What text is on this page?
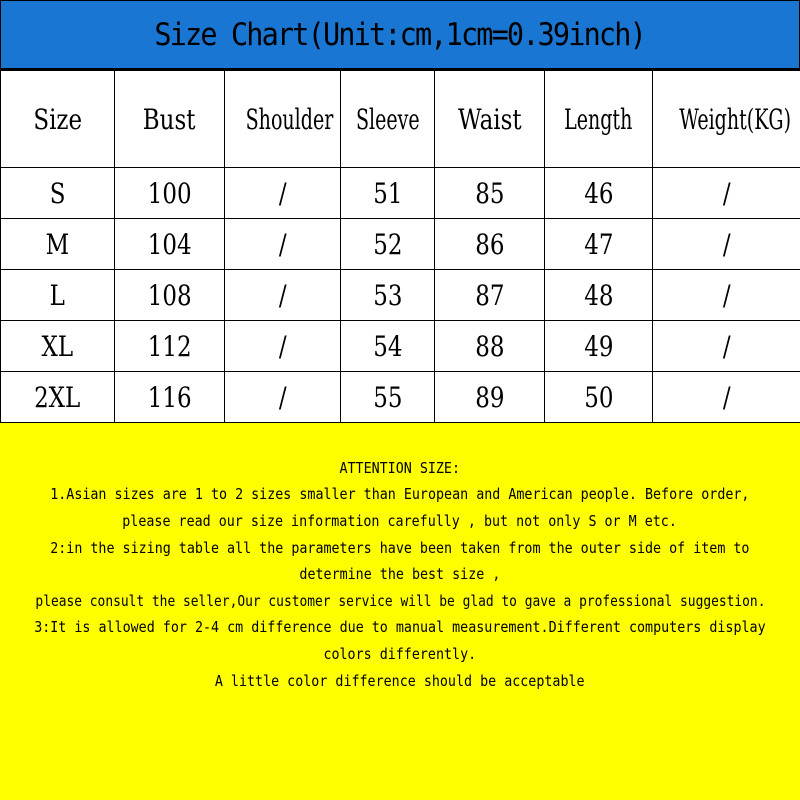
Size Chart(Unit:cm,1cm=0.39inch)
Size	Bust	Shoulder	Sleeve	Waist	Length	Weight(KG)
S	100	/	51	85	46	/
M	104	/	52	86	47	/
L	108	/	53	87	48	/
XL	112	/	54	88	49	/
2XL	116	/	55	89	50	/
ATTENTION SIZE:
1.Asian sizes are 1 to 2 sizes smaller than European and American people. Before order,
please read our size information carefully , but not only S or M etc.
2:in the sizing table all the parameters have been taken from the outer side of item to
determine the best size ,
please consult the seller,Our customer service will be glad to gave a professional suggestion.
3:It is allowed for 2-4 cm difference due to manual measurement.Different computers display
colors differently.
A little color difference should be acceptable
